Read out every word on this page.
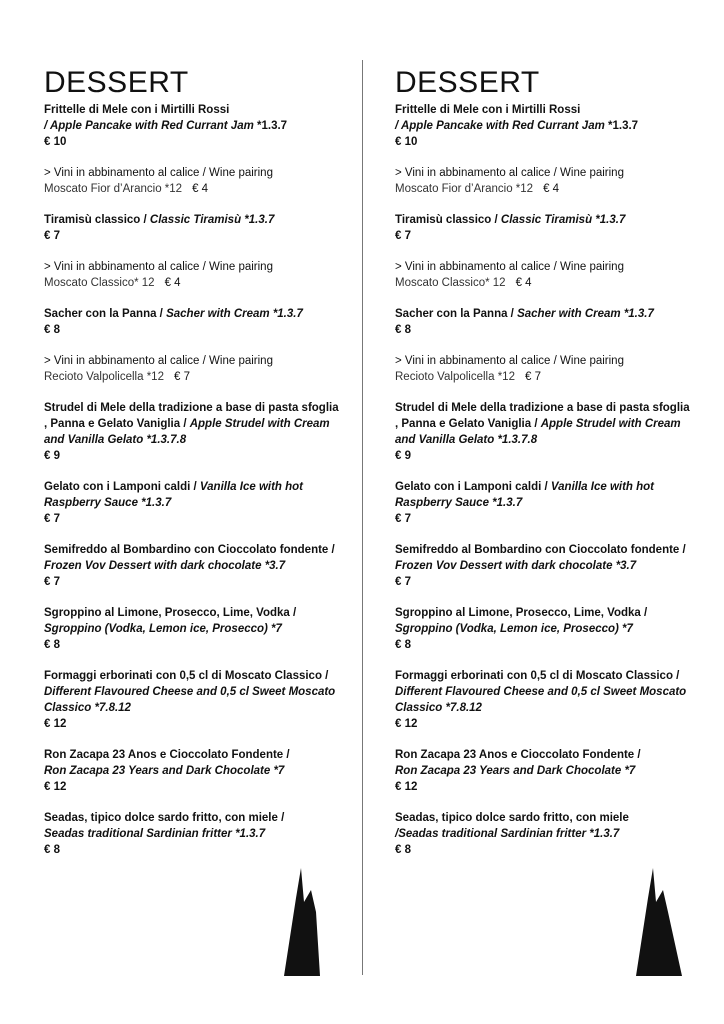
DESSERT
Frittelle di Mele con i Mirtilli Rossi
/ Apple Pancake with Red Currant Jam *1.3.7
€ 10
> Vini in abbinamento al calice / Wine pairing
Moscato Fior d’Arancio *12 € 4
Tiramisù classico / Classic Tiramisù *1.3.7
€ 7
> Vini in abbinamento al calice / Wine pairing
Moscato Classico* 12 € 4
Sacher con la Panna / Sacher with Cream *1.3.7
€ 8
> Vini in abbinamento al calice / Wine pairing
Recioto Valpolicella *12 € 7
Strudel di Mele della tradizione a base di pasta sfoglia , Panna e Gelato Vaniglia / Apple Strudel with Cream and Vanilla Gelato *1.3.7.8
€ 9
Gelato con i Lamponi caldi / Vanilla Ice with hot Raspberry Sauce *1.3.7
€ 7
Semifreddo al Bombardino con Cioccolato fondente / Frozen Vov Dessert with dark chocolate *3.7
€ 7
Sgroppino al Limone, Prosecco, Lime, Vodka /
Sgroppino (Vodka, Lemon ice, Prosecco) *7
€ 8
Formaggi erborinati con 0,5 cl di Moscato Classico / Different Flavoured Cheese and 0,5 cl Sweet Moscato Classico *7.8.12
€ 12
Ron Zacapa 23 Anos e Cioccolato Fondente /
Ron Zacapa 23 Years and Dark Chocolate *7
€ 12
Seadas, tipico dolce sardo fritto, con miele /
Seadas traditional Sardinian fritter *1.3.7
€ 8
DESSERT
Frittelle di Mele con i Mirtilli Rossi
/ Apple Pancake with Red Currant Jam *1.3.7
€ 10
> Vini in abbinamento al calice / Wine pairing
Moscato Fior d’Arancio *12 € 4
Tiramisù classico / Classic Tiramisù *1.3.7
€ 7
> Vini in abbinamento al calice / Wine pairing
Moscato Classico* 12 € 4
Sacher con la Panna / Sacher with Cream *1.3.7
€ 8
> Vini in abbinamento al calice / Wine pairing
Recioto Valpolicella *12 € 7
Strudel di Mele della tradizione a base di pasta sfoglia , Panna e Gelato Vaniglia / Apple Strudel with Cream and Vanilla Gelato *1.3.7.8
€ 9
Gelato con i Lamponi caldi / Vanilla Ice with hot Raspberry Sauce *1.3.7
€ 7
Semifreddo al Bombardino con Cioccolato fondente / Frozen Vov Dessert with dark chocolate *3.7
€ 7
Sgroppino al Limone, Prosecco, Lime, Vodka /
Sgroppino (Vodka, Lemon ice, Prosecco) *7
€ 8
Formaggi erborinati con 0,5 cl di Moscato Classico / Different Flavoured Cheese and 0,5 cl Sweet Moscato Classico *7.8.12
€ 12
Ron Zacapa 23 Anos e Cioccolato Fondente /
Ron Zacapa 23 Years and Dark Chocolate *7
€ 12
Seadas, tipico dolce sardo fritto, con miele
/Seadas traditional Sardinian fritter *1.3.7
€ 8
